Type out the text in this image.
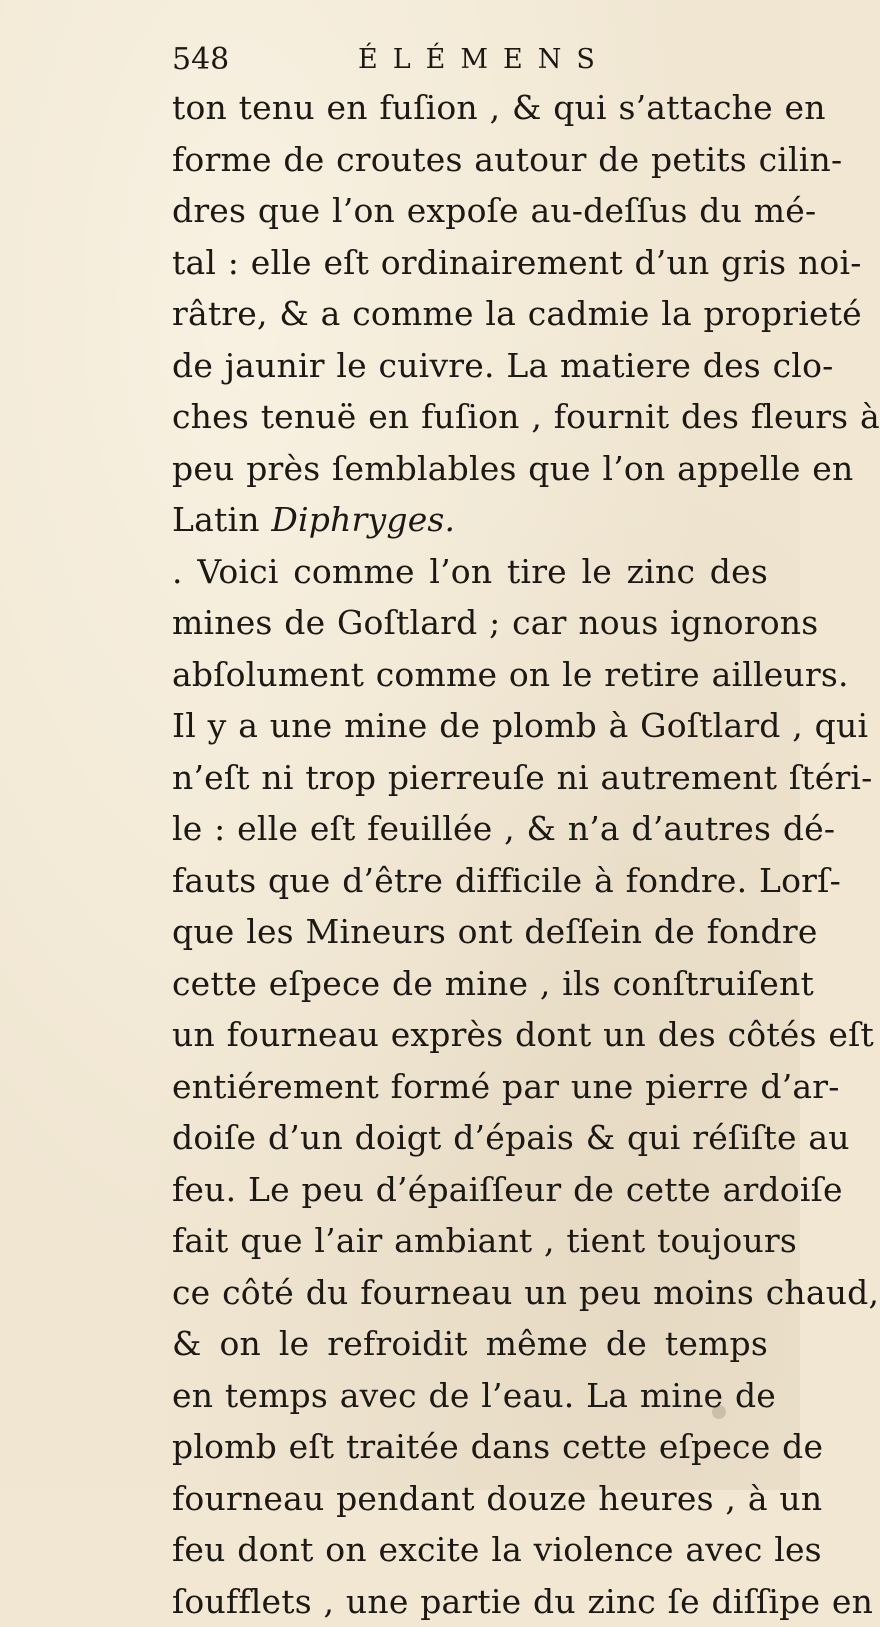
548	ÉLÉMENS
ton tenu en fuſion , & qui s’attache en
forme de croutes autour de petits cilin-
dres que l’on expoſe au-deſſus du mé-
tal : elle eſt ordinairement d’un gris noi-
râtre, & a comme la cadmie la proprieté
de jaunir le cuivre. La matiere des clo-
ches tenuë en fuſion , fournit des fleurs à
peu près ſemblables que l’on appelle en
Latin Diphryges.
. Voici comme l’on tire le zinc des
mines de Goſtlard ; car nous ignorons
abſolument comme on le retire ailleurs.
Il y a une mine de plomb à Goſtlard , qui
n’eſt ni trop pierreuſe ni autrement ſtéri-
le : elle eſt feuillée , & n’a d’autres dé-
fauts que d’être difficile à fondre. Lorſ-
que les Mineurs ont deſſein de fondre
cette eſpece de mine , ils conſtruiſent
un fourneau exprès dont un des côtés eſt
entiérement formé par une pierre d’ar-
doiſe d’un doigt d’épais & qui réſiſte au
feu. Le peu d’épaiſſeur de cette ardoiſe
fait que l’air ambiant , tient toujours
ce côté du fourneau un peu moins chaud,
& on le refroidit même de temps
en temps avec de l’eau. La mine de
plomb eſt traitée dans cette eſpece de
fourneau pendant douze heures , à un
feu dont on excite la violence avec les
ſoufflets , une partie du zinc ſe diſſipe en
